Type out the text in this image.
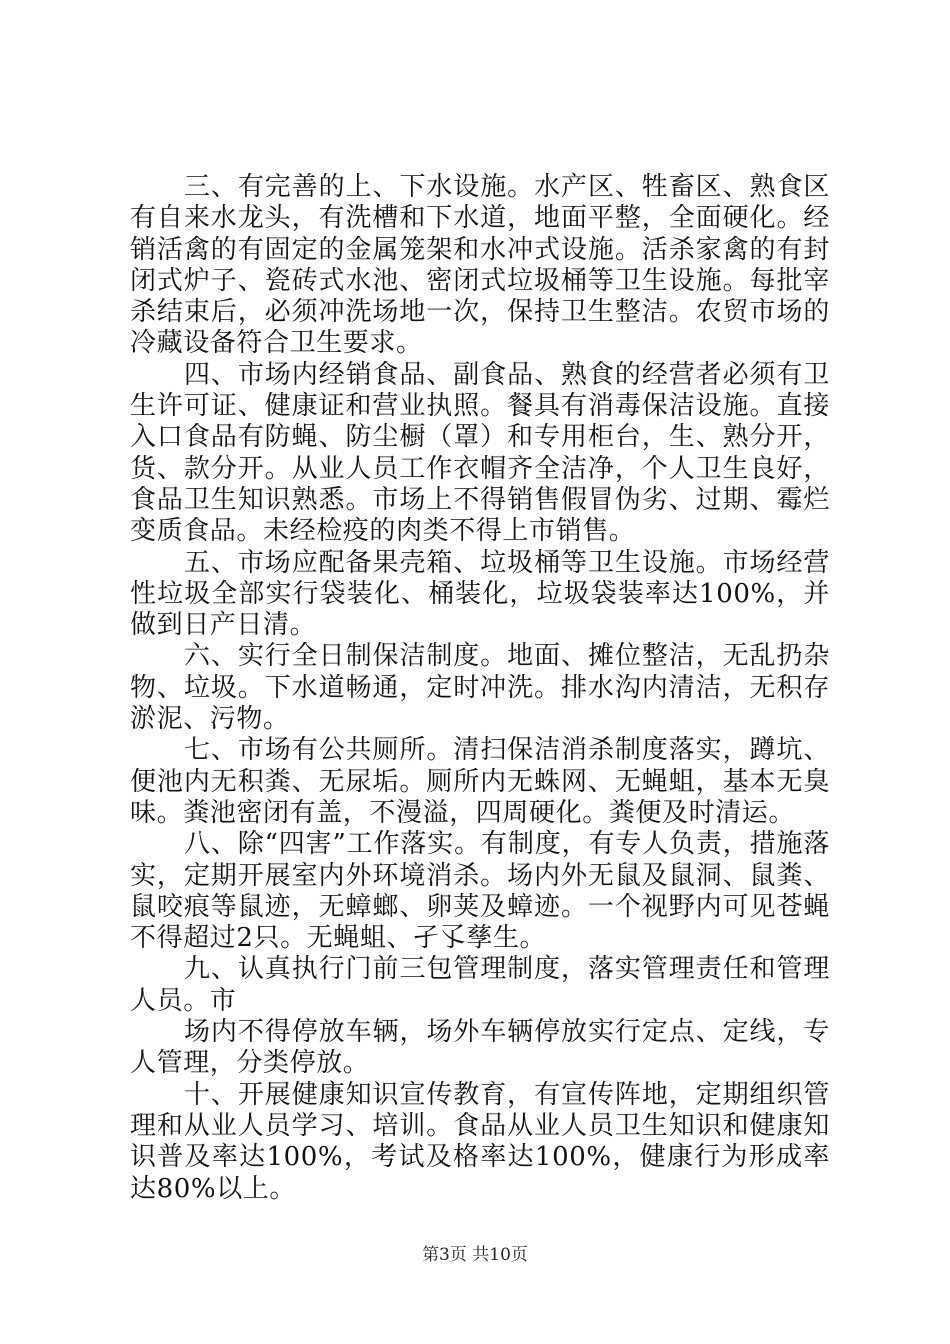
三、有完善的上、下水设施。水产区、牲畜区、熟食区有自来水龙头，有洗槽和下水道，地面平整，全面硬化。经销活禽的有固定的金属笼架和水冲式设施。活杀家禽的有封闭式炉子、瓷砖式水池、密闭式垃圾桶等卫生设施。每批宰杀结束后，必须冲洗场地一次，保持卫生整洁。农贸市场的冷藏设备符合卫生要求。

四、市场内经销食品、副食品、熟食的经营者必须有卫生许可证、健康证和营业执照。餐具有消毒保洁设施。直接入口食品有防蝇、防尘橱（罩）和专用柜台，生、熟分开，货、款分开。从业人员工作衣帽齐全洁净，个人卫生良好，食品卫生知识熟悉。市场上不得销售假冒伪劣、过期、霉烂变质食品。未经检疫的肉类不得上市销售。

五、市场应配备果壳箱、垃圾桶等卫生设施。市场经营性垃圾全部实行袋装化、桶装化，垃圾袋装率达100%，并做到日产日清。

六、实行全日制保洁制度。地面、摊位整洁，无乱扔杂物、垃圾。下水道畅通，定时冲洗。排水沟内清洁，无积存淤泥、污物。

七、市场有公共厕所。清扫保洁消杀制度落实，蹲坑、便池内无积粪、无尿垢。厕所内无蛛网、无蝇蛆，基本无臭味。粪池密闭有盖，不漫溢，四周硬化。粪便及时清运。

八、除“四害”工作落实。有制度，有专人负责，措施落实，定期开展室内外环境消杀。场内外无鼠及鼠洞、鼠粪、鼠咬痕等鼠迹，无蟑螂、卵荚及蟑迹。一个视野内可见苍蝇不得超过2只。无蝇蛆、孑孓孳生。

九、认真执行门前三包管理制度，落实管理责任和管理人员。市

场内不得停放车辆，场外车辆停放实行定点、定线，专人管理，分类停放。

十、开展健康知识宣传教育，有宣传阵地，定期组织管理和从业人员学习、培训。食品从业人员卫生知识和健康知识普及率达100%，考试及格率达100%，健康行为形成率达80%以上。

第3页 共10页
